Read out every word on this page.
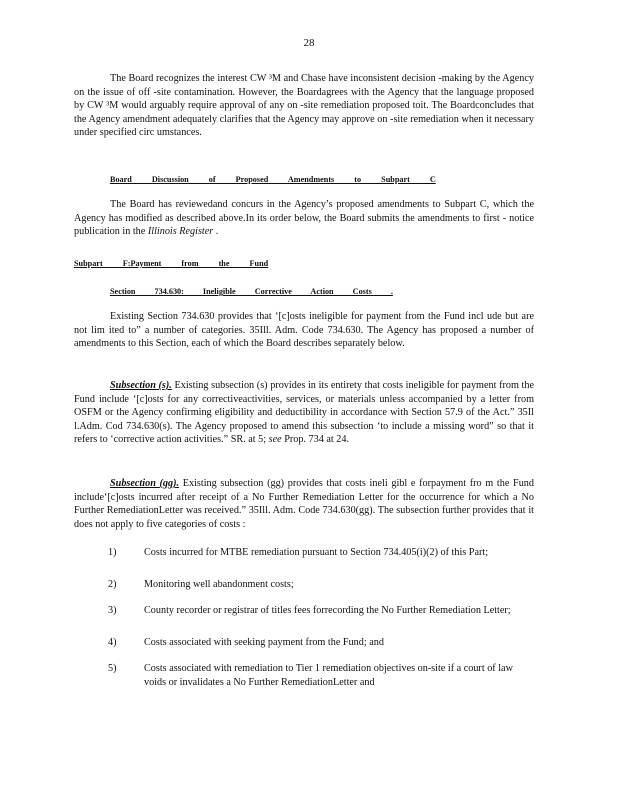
28

The Board recognizes the interest CW ³M and Chase have inconsistent decision -making by the Agency on the issue of off -site contamination. However, the Boardagrees with the Agency that the language proposed by CW ³M would arguably require approval of any on -site remediation proposed toit. The Boardconcludes that the Agency amendment adequately clarifies that the Agency may approve on -site remediation when it necessary under specified circ umstances.

Board Discussion of Proposed Amendments to Subpart C

The Board has reviewedand concurs in the Agency’s proposed amendments to Subpart C, which the Agency has modified as described above.In its order below, the Board submits the amendments to first - notice publication in the Illinois Register .

Subpart F:Payment from the Fund
Section 734.630: Ineligible Corrective Action Costs .

Existing Section 734.630 provides that ‘[c]osts ineligible for payment from the Fund incl ude but are not lim ited to” a number of categories. 35Ill. Adm. Code 734.630. The Agency has proposed a number of amendments to this Section, each of which the Board describes separately below.

Subsection (s). Existing subsection (s) provides in its entirety that costs ineligible for payment from the Fund include ‘[c]osts for any correctiveactivities, services, or materials unless accompanied by a letter from OSFM or the Agency confirming eligibility and deductibility in accordance with Section 57.9 of the Act.” 35Il l.Adm. Cod 734.630(s). The Agency proposed to amend this subsection ‘to include a missing word” so that it refers to ‘corrective action activities.” SR. at 5; see Prop. 734 at 24.

Subsection (gg). Existing subsection (gg) provides that costs ineli gibl e forpayment fro m the Fund include‘[c]osts incurred after receipt of a No Further Remediation Letter for the occurrence for which a No Further RemediationLetter was received.” 35Ill. Adm. Code 734.630(gg). The subsection further provides that it does not apply to five categories of costs :

1)	Costs incurred for MTBE remediation pursuant to Section 734.405(i)(2) of this Part;
2)	Monitoring well abandonment costs;
3)	County recorder or registrar of titles fees forrecording the No Further Remediation Letter;
4)	Costs associated with seeking payment from the Fund; and
5)	Costs associated with remediation to Tier 1 remediation objectives on-site if a court of law voids or invalidates a No Further RemediationLetter and
